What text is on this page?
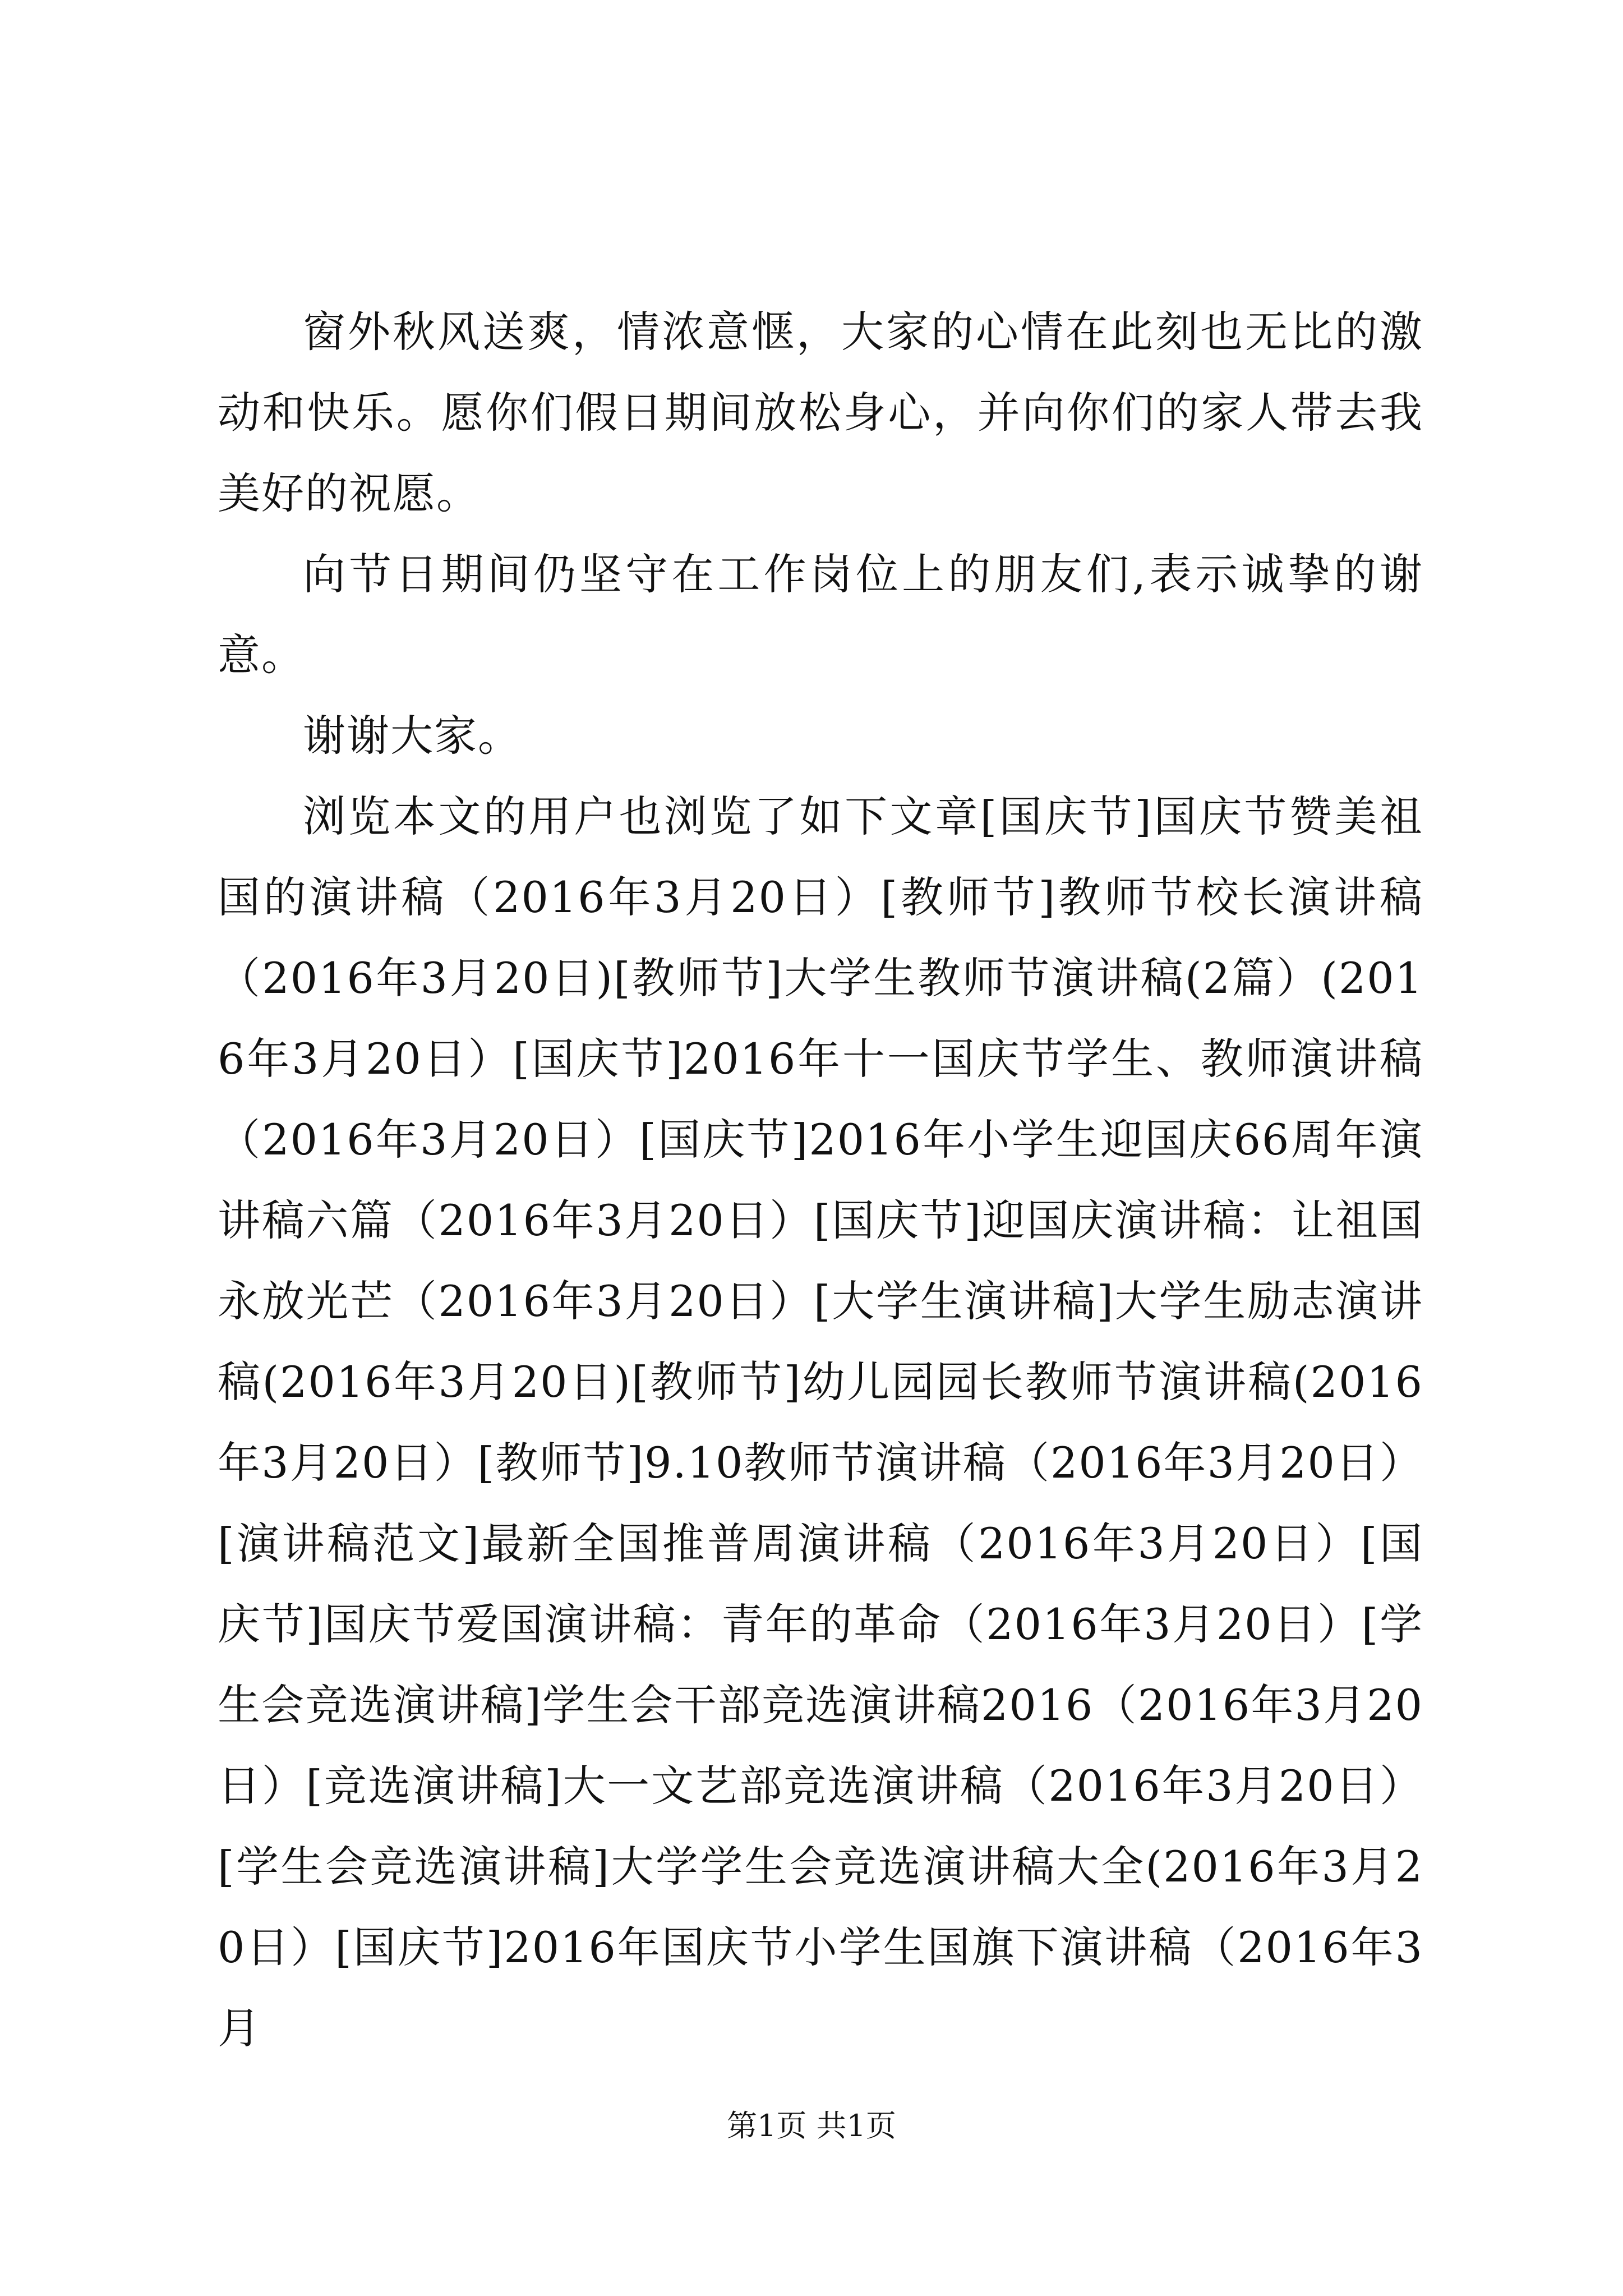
窗外秋风送爽，情浓意惬，大家的心情在此刻也无比的激动和快乐。愿你们假日期间放松身心，并向你们的家人带去我美好的祝愿。

向节日期间仍坚守在工作岗位上的朋友们,表示诚挚的谢意。

谢谢大家。

浏览本文的用户也浏览了如下文章[国庆节]国庆节赞美祖国的演讲稿（2016年3月20日）[教师节]教师节校长演讲稿（2016年3月20日)[教师节]大学生教师节演讲稿(2篇）(2016年3月20日）[国庆节]2016年十一国庆节学生、教师演讲稿（2016年3月20日）[国庆节]2016年小学生迎国庆66周年演讲稿六篇（2016年3月20日）[国庆节]迎国庆演讲稿：让祖国永放光芒（2016年3月20日）[大学生演讲稿]大学生励志演讲稿(2016年3月20日)[教师节]幼儿园园长教师节演讲稿(2016年3月20日）[教师节]9.10教师节演讲稿（2016年3月20日）[演讲稿范文]最新全国推普周演讲稿（2016年3月20日）[国庆节]国庆节爱国演讲稿：青年的革命（2016年3月20日）[学生会竞选演讲稿]学生会干部竞选演讲稿2016（2016年3月20日）[竞选演讲稿]大一文艺部竞选演讲稿（2016年3月20日）[学生会竞选演讲稿]大学学生会竞选演讲稿大全(2016年3月20日）[国庆节]2016年国庆节小学生国旗下演讲稿（2016年3月

第1页 共1页
